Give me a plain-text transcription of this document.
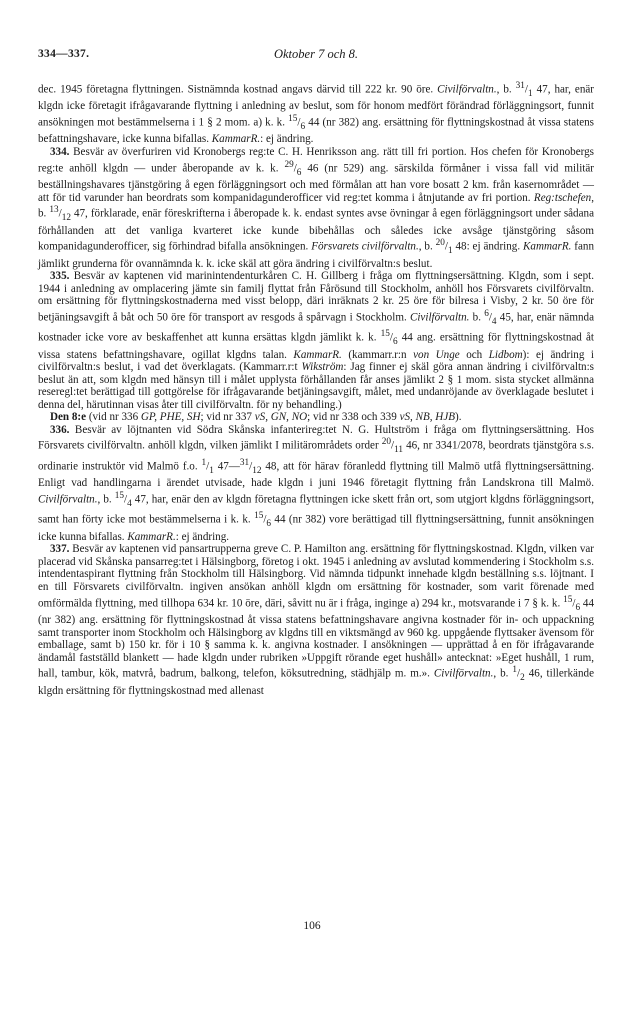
334—337.	Oktober 7 och 8.

dec. 1945 företagna flyttningen. Sistnämnda kostnad angavs därvid till 222 kr. 90 öre. Civilförvaltn., b. $^{31}/_1$ 47, har, enär klgdn icke företagit ifrågavarande flyttning i anledning av beslut, som för honom medfört förändrad förläggningsort, funnit ansökningen mot bestämmelserna i 1 § 2 mom. a) k. k. $^{15}/_6$ 44 (nr 382) ang. ersättning för flyttningskostnad åt vissa statens befattningshavare, icke kunna bifallas. KammarR.: ej ändring.

334. Besvär av överfuriren vid Kronobergs reg:te C. H. Henriksson ang. rätt till fri portion. Hos chefen för Kronobergs reg:te anhöll klgdn — under åberopande av k. k. $^{29}/_6$ 46 (nr 529) ang. särskilda förmåner i vissa fall vid militär beställningshavares tjänstgöring å egen förläggningsort och med förmålan att han vore bosatt 2 km. från kasernområdet — att för tid varunder han beordrats som kompanidagunderofficer vid reg:tet komma i åtnjutande av fri portion. Reg:tschefen, b. $^{13}/_{12}$ 47, förklarade, enär föreskrifterna i åberopade k. k. endast syntes avse övningar å egen förläggningsort under sådana förhållanden att det vanliga kvarteret icke kunde bibehållas och således icke avsåge tjänstgöring såsom kompanidagunderofficer, sig förhindrad bifalla ansökningen. Försvarets civilförvaltn., b. $^{20}/_1$ 48: ej ändring. KammarR. fann jämlikt grunderna för ovannämnda k. k. icke skäl att göra ändring i civilförvaltn:s beslut.

335. Besvär av kaptenen vid marinintendenturkåren C. H. Gillberg i fråga om flyttningsersättning. Klgdn, som i sept. 1944 i anledning av omplacering jämte sin familj flyttat från Fårösund till Stockholm, anhöll hos Försvarets civilförvaltn. om ersättning för flyttningskostnaderna med visst belopp, däri inräknats 2 kr. 25 öre för bilresa i Visby, 2 kr. 50 öre för betjäningsavgift å båt och 50 öre för transport av resgods å spårvagn i Stockholm. Civilförvaltn. b. $^6/_4$ 45, har, enär nämnda kostnader icke vore av beskaffenhet att kunna ersättas klgdn jämlikt k. k. $^{15}/_6$ 44 ang. ersättning för flyttningskostnad åt vissa statens befattningshavare, ogillat klgdns talan. KammarR. (kammarr.r:n von Unge och Lidbom): ej ändring i civilförvaltn:s beslut, i vad det överklagats. (Kammarr.r:t Wikström: Jag finner ej skäl göra annan ändring i civilförvaltn:s beslut än att, som klgdn med hänsyn till i målet upplysta förhållanden får anses jämlikt 2 § 1 mom. sista stycket allmänna reseregl:tet berättigad till gottgörelse för ifrågavarande betjäningsavgift, målet, med undanröjande av överklagade beslutet i denna del, härutinnan visas åter till civilförvaltn. för ny behandling.)

Den 8:e (vid nr 336 GP, PHE, SH; vid nr 337 vS, GN, NO; vid nr 338 och 339 vS, NB, HJB).

336. Besvär av löjtnanten vid Södra Skånska infanterireg:tet N. G. Hultström i fråga om flyttningsersättning. Hos Försvarets civilförvaltn. anhöll klgdn, vilken jämlikt I militärområdets order $^{20}/_{11}$ 46, nr 3341/2078, beordrats tjänstgöra s.s. ordinarie instruktör vid Malmö f.o. $^1/_1$ $47—^{31}/_{12}$ 48, att för härav föranledd flyttning till Malmö utfå flyttningsersättning. Enligt vad handlingarna i ärendet utvisade, hade klgdn i juni 1946 företagit flyttning från Landskrona till Malmö. Civilförvaltn., b. $^{15}/_4$ 47, har, enär den av klgdn företagna flyttningen icke skett från ort, som utgjort klgdns förläggningsort, samt han förty icke mot bestämmelserna i k. k. $^{15}/_6$ 44 (nr 382) vore berättigad till flyttningsersättning, funnit ansökningen icke kunna bifallas. KammarR.: ej ändring.

337. Besvär av kaptenen vid pansartrupperna greve C. P. Hamilton ang. ersättning för flyttningskostnad. Klgdn, vilken var placerad vid Skånska pansarreg:tet i Hälsingborg, företog i okt. 1945 i anledning av avslutad kommendering i Stockholm s.s. intendentaspirant flyttning från Stockholm till Hälsingborg. Vid nämnda tidpunkt innehade klgdn beställning s.s. löjtnant. I en till Försvarets civilförvaltn. ingiven ansökan anhöll klgdn om ersättning för kostnader, som varit förenade med omförmälda flyttning, med tillhopa 634 kr. 10 öre, däri, såvitt nu är i fråga, inginge a) 294 kr., motsvarande i 7 § k. k. $^{15}/_6$ 44 (nr 382) ang. ersättning för flyttningskostnad åt vissa statens befattningshavare angivna kostnader för in- och uppackning samt transporter inom Stockholm och Hälsingborg av klgdns till en viktsmängd av 960 kg. uppgående flyttsaker ävensom för emballage, samt b) 150 kr. för i 10 § samma k. k. angivna kostnader. I ansökningen — upprättad å en för ifrågavarande ändamål fastställd blankett — hade klgdn under rubriken »Uppgift rörande eget hushåll» antecknat: »Eget hushåll, 1 rum, hall, tambur, kök, matvrå, badrum, balkong, telefon, köksutredning, städhjälp m. m.». Civilförvaltn., b. $^1/_2$ 46, tillerkände klgdn ersättning för flyttningskostnad med allenast

106
